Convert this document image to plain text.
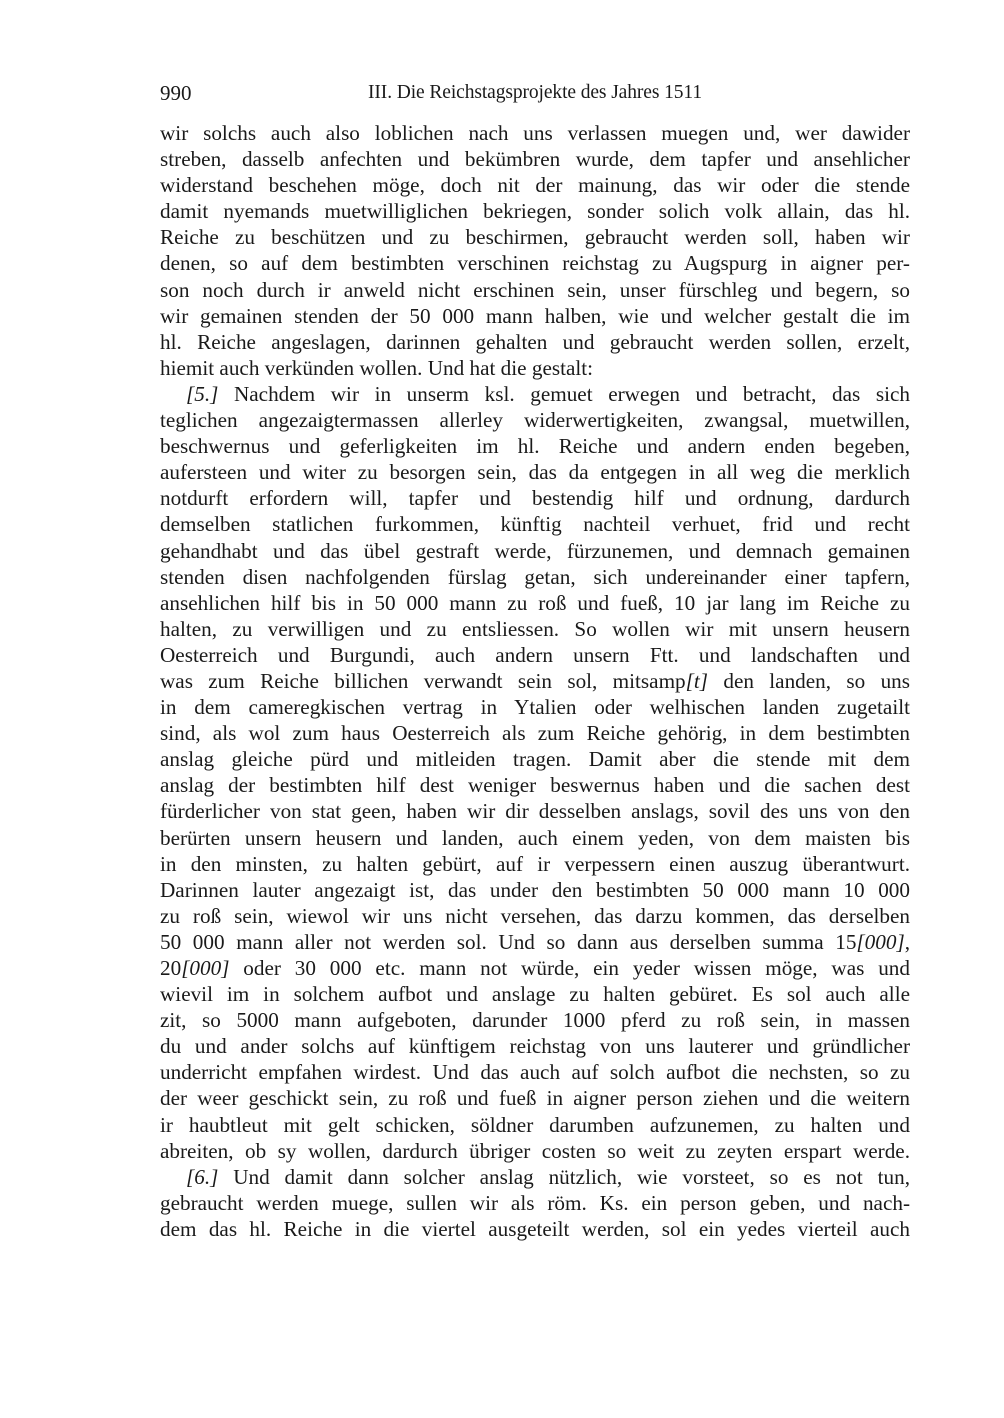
990	III. Die Reichstagsprojekte des Jahres 1511
wir solchs auch also loblichen nach uns verlassen muegen und, wer dawider
streben, dasselb anfechten und bekümbren wurde, dem tapfer und ansehlicher
widerstand beschehen möge, doch nit der mainung, das wir oder die stende
damit nyemands muetwilliglichen bekriegen, sonder solich volk allain, das hl.
Reiche zu beschützen und zu beschirmen, gebraucht werden soll, haben wir
denen, so auf dem bestimbten verschinen reichstag zu Augspurg in aigner per-
son noch durch ir anweld nicht erschinen sein, unser fürschleg und begern, so
wir gemainen stenden der 50 000 mann halben, wie und welcher gestalt die im
hl. Reiche angeslagen, darinnen gehalten und gebraucht werden sollen, erzelt,
hiemit auch verkünden wollen. Und hat die gestalt:
[5.] Nachdem wir in unserm ksl. gemuet erwegen und betracht, das sich
teglichen angezaigtermassen allerley widerwertigkeiten, zwangsal, muetwillen,
beschwernus und geferligkeiten im hl. Reiche und andern enden begeben,
aufersteen und witer zu besorgen sein, das da entgegen in all weg die merklich
notdurft erfordern will, tapfer und bestendig hilf und ordnung, dardurch
demselben statlichen furkommen, künftig nachteil verhuet, frid und recht
gehandhabt und das übel gestraft werde, fürzunemen, und demnach gemainen
stenden disen nachfolgenden fürslag getan, sich undereinander einer tapfern,
ansehlichen hilf bis in 50 000 mann zu roß und fueß, 10 jar lang im Reiche zu
halten, zu verwilligen und zu entsliessen. So wollen wir mit unsern heusern
Oesterreich und Burgundi, auch andern unsern Ftt. und landschaften und
was zum Reiche billichen verwandt sein sol, mitsamp[t] den landen, so uns
in dem cameregkischen vertrag in Ytalien oder welhischen landen zugetailt
sind, als wol zum haus Oesterreich als zum Reiche gehörig, in dem bestimbten
anslag gleiche pürd und mitleiden tragen. Damit aber die stende mit dem
anslag der bestimbten hilf dest weniger beswernus haben und die sachen dest
fürderlicher von stat geen, haben wir dir desselben anslags, sovil des uns von den
berürten unsern heusern und landen, auch einem yeden, von dem maisten bis
in den minsten, zu halten gebürt, auf ir verpessern einen auszug überantwurt.
Darinnen lauter angezaigt ist, das under den bestimbten 50 000 mann 10 000
zu roß sein, wiewol wir uns nicht versehen, das darzu kommen, das derselben
50 000 mann aller not werden sol. Und so dann aus derselben summa 15[000],
20[000] oder 30 000 etc. mann not würde, ein yeder wissen möge, was und
wievil im in solchem aufbot und anslage zu halten gebüret. Es sol auch alle
zit, so 5000 mann aufgeboten, darunder 1000 pferd zu roß sein, in massen
du und ander solchs auf künftigem reichstag von uns lauterer und gründlicher
underricht empfahen wirdest. Und das auch auf solch aufbot die nechsten, so zu
der weer geschickt sein, zu roß und fueß in aigner person ziehen und die weitern
ir haubtleut mit gelt schicken, söldner darumben aufzunemen, zu halten und
abreiten, ob sy wollen, dardurch übriger costen so weit zu zeyten erspart werde.
[6.] Und damit dann solcher anslag nützlich, wie vorsteet, so es not tun,
gebraucht werden muege, sullen wir als röm. Ks. ein person geben, und nach-
dem das hl. Reiche in die viertel ausgeteilt werden, sol ein yedes vierteil auch
